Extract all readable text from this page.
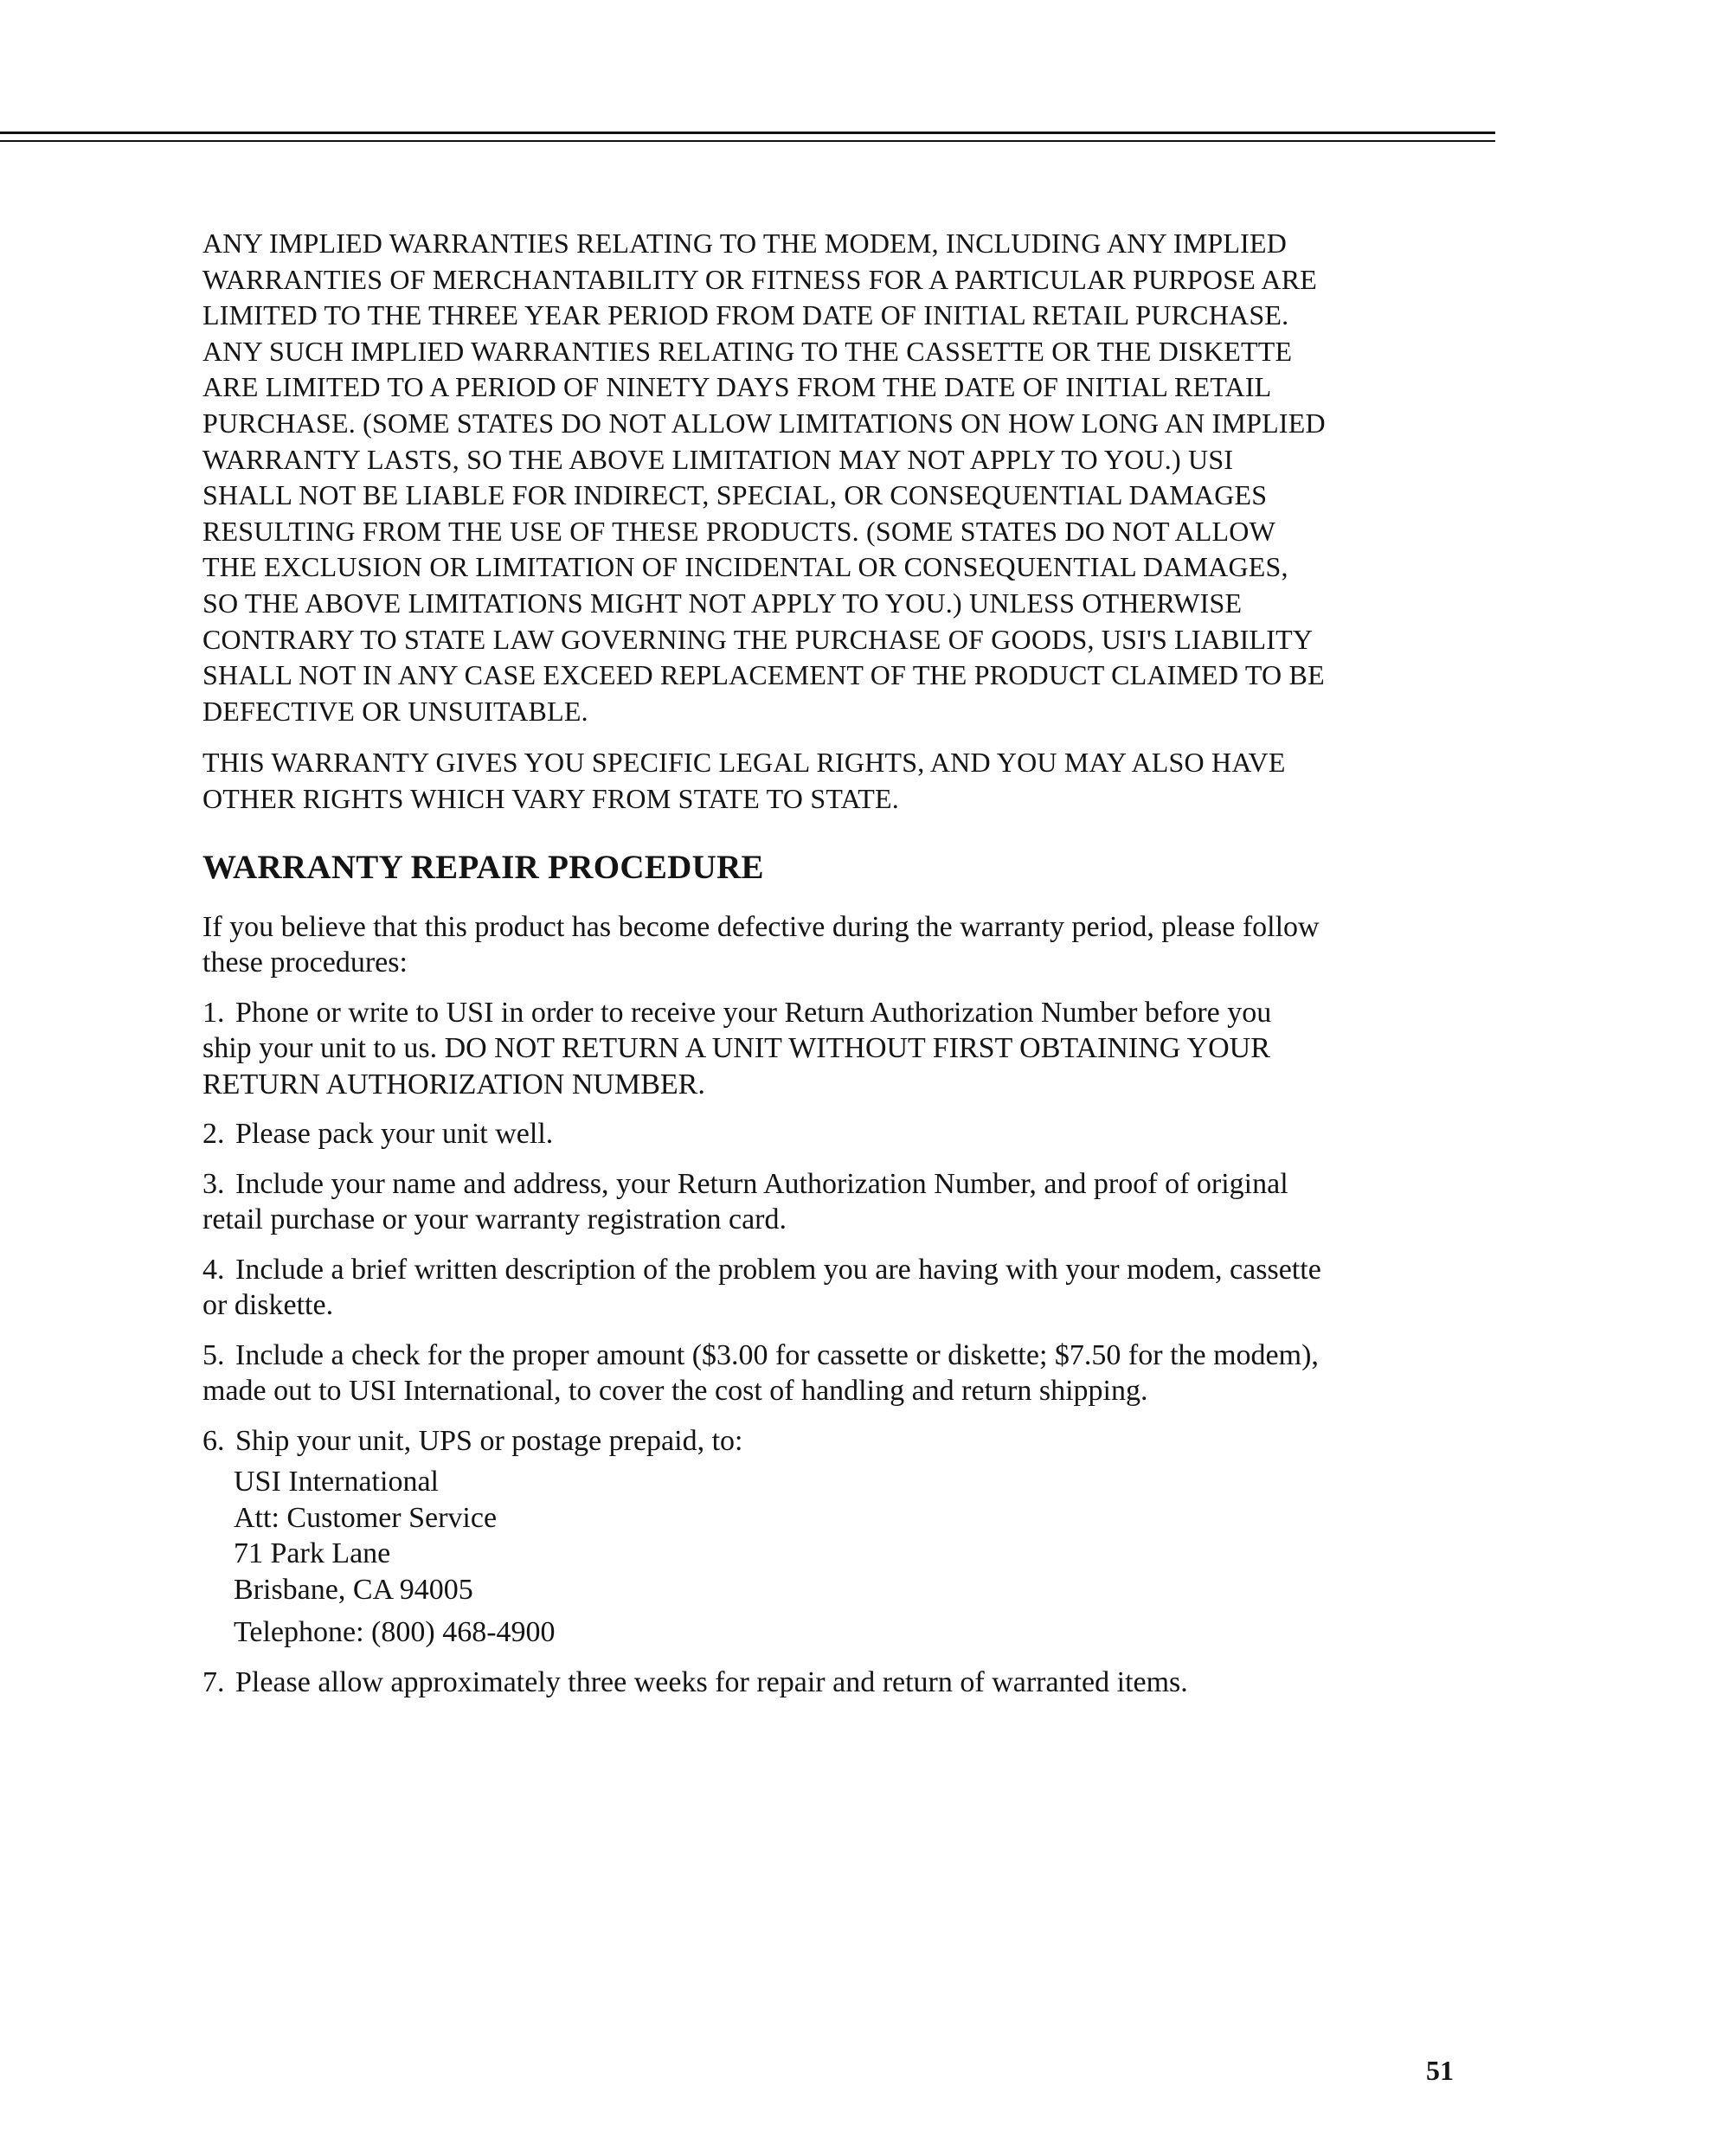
ANY IMPLIED WARRANTIES RELATING TO THE MODEM, INCLUDING ANY IMPLIED WARRANTIES OF MERCHANTABILITY OR FITNESS FOR A PARTICULAR PURPOSE ARE LIMITED TO THE THREE YEAR PERIOD FROM DATE OF INITIAL RETAIL PURCHASE. ANY SUCH IMPLIED WARRANTIES RELATING TO THE CASSETTE OR THE DISKETTE ARE LIMITED TO A PERIOD OF NINETY DAYS FROM THE DATE OF INITIAL RETAIL PURCHASE. (SOME STATES DO NOT ALLOW LIMITATIONS ON HOW LONG AN IMPLIED WARRANTY LASTS, SO THE ABOVE LIMITATION MAY NOT APPLY TO YOU.) USI SHALL NOT BE LIABLE FOR INDIRECT, SPECIAL, OR CONSEQUENTIAL DAMAGES RESULTING FROM THE USE OF THESE PRODUCTS. (SOME STATES DO NOT ALLOW THE EXCLUSION OR LIMITATION OF INCIDENTAL OR CONSEQUENTIAL DAMAGES, SO THE ABOVE LIMITATIONS MIGHT NOT APPLY TO YOU.) UNLESS OTHERWISE CONTRARY TO STATE LAW GOVERNING THE PURCHASE OF GOODS, USI'S LIABILITY SHALL NOT IN ANY CASE EXCEED REPLACEMENT OF THE PRODUCT CLAIMED TO BE DEFECTIVE OR UNSUITABLE.

THIS WARRANTY GIVES YOU SPECIFIC LEGAL RIGHTS, AND YOU MAY ALSO HAVE OTHER RIGHTS WHICH VARY FROM STATE TO STATE.

WARRANTY REPAIR PROCEDURE

If you believe that this product has become defective during the warranty period, please follow these procedures:

1. Phone or write to USI in order to receive your Return Authorization Number before you ship your unit to us. DO NOT RETURN A UNIT WITHOUT FIRST OBTAINING YOUR RETURN AUTHORIZATION NUMBER.

2. Please pack your unit well.

3. Include your name and address, your Return Authorization Number, and proof of original retail purchase or your warranty registration card.

4. Include a brief written description of the problem you are having with your modem, cassette or diskette.

5. Include a check for the proper amount ($3.00 for cassette or diskette; $7.50 for the modem), made out to USI International, to cover the cost of handling and return shipping.

6. Ship your unit, UPS or postage prepaid, to:

USI International
Att: Customer Service
71 Park Lane
Brisbane, CA 94005
Telephone: (800) 468-4900

7. Please allow approximately three weeks for repair and return of warranted items.

51
